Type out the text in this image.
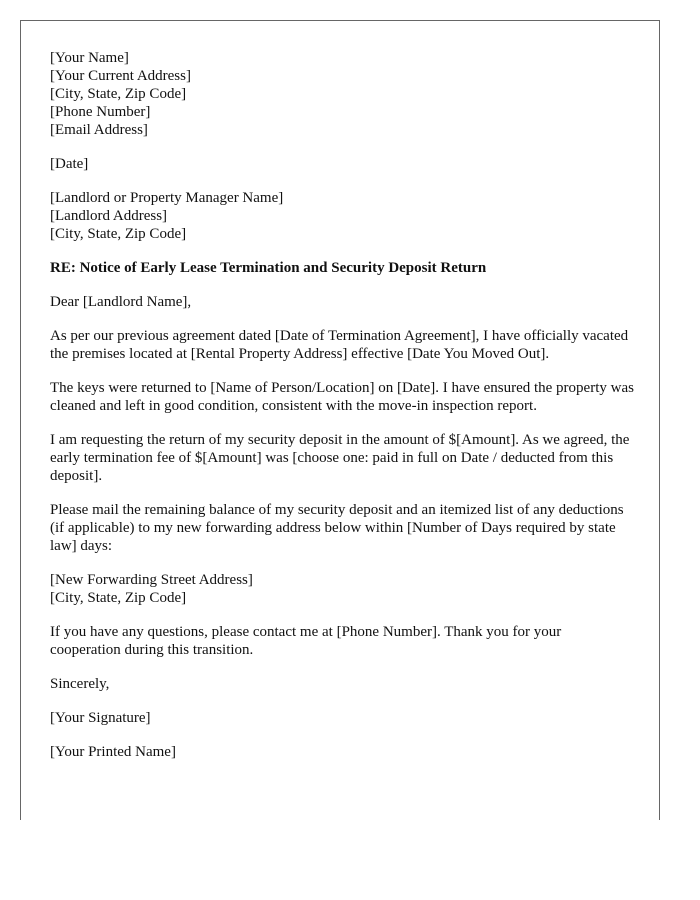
[Your Name]
[Your Current Address]
[City, State, Zip Code]
[Phone Number]
[Email Address]
[Date]
[Landlord or Property Manager Name]
[Landlord Address]
[City, State, Zip Code]
RE: Notice of Early Lease Termination and Security Deposit Return
Dear [Landlord Name],

As per our previous agreement dated [Date of Termination Agreement], I have officially vacated the premises located at [Rental Property Address] effective [Date You Moved Out].

The keys were returned to [Name of Person/Location] on [Date]. I have ensured the property was cleaned and left in good condition, consistent with the move-in inspection report.

I am requesting the return of my security deposit in the amount of $[Amount]. As we agreed, the early termination fee of $[Amount] was [choose one: paid in full on Date / deducted from this deposit].

Please mail the remaining balance of my security deposit and an itemized list of any deductions (if applicable) to my new forwarding address below within [Number of Days required by state law] days:

[New Forwarding Street Address]
[City, State, Zip Code]

If you have any questions, please contact me at [Phone Number]. Thank you for your cooperation during this transition.

Sincerely,
[Your Signature]
[Your Printed Name]
